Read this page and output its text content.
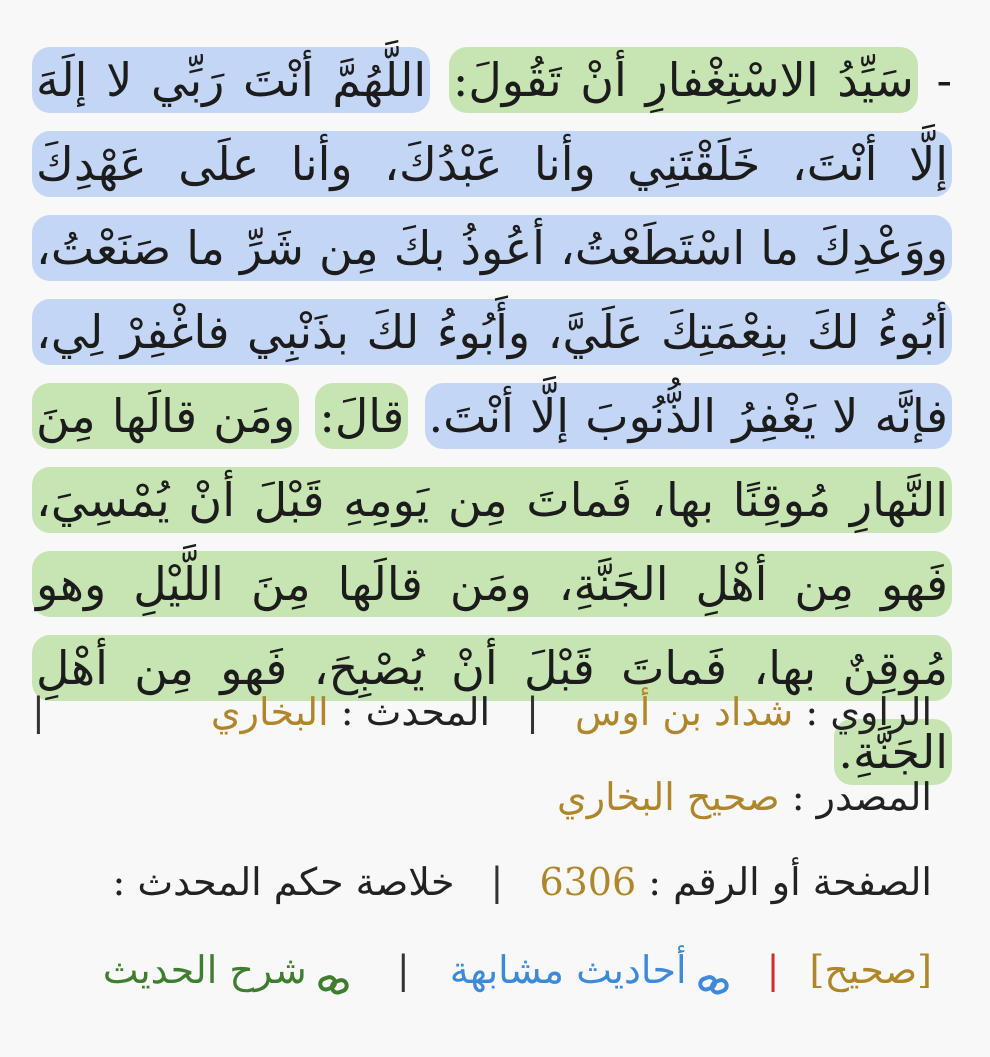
- سَيِّدُ الاسْتِغْفارِ أنْ تَقُولَ: اللَّهُمَّ أنْتَ رَبِّي لا إلَهَ إلَّا أنْتَ، خَلَقْتَنِي وأنا عَبْدُكَ، وأنا علَى عَهْدِكَ ووَعْدِكَ ما اسْتَطَعْتُ، أعُوذُ بكَ مِن شَرِّ ما صَنَعْتُ، أبُوءُ لكَ بنِعْمَتِكَ عَلَيَّ، وأَبُوءُ لكَ بذَنْبِي فاغْفِرْ لِي، فإنَّه لا يَغْفِرُ الذُّنُوبَ إلَّا أنْتَ. قالَ: ومَن قالَها مِنَ النَّهارِ مُوقِنًا بها، فَماتَ مِن يَومِهِ قَبْلَ أنْ يُمْسِيَ، فَهو مِن أهْلِ الجَنَّةِ، ومَن قالَها مِنَ اللَّيْلِ وهو مُوقِنٌ بها، فَماتَ قَبْلَ أنْ يُصْبِحَ، فَهو مِن أهْلِ الجَنَّةِ.
الراوي : شداد بن أوس | المحدث : البخاري
|
المصدر : صحيح البخاري
الصفحة أو الرقم : 6306 | خلاصة حكم المحدث :
[صحيح] | أحاديث مشابهة | شرح الحديث
